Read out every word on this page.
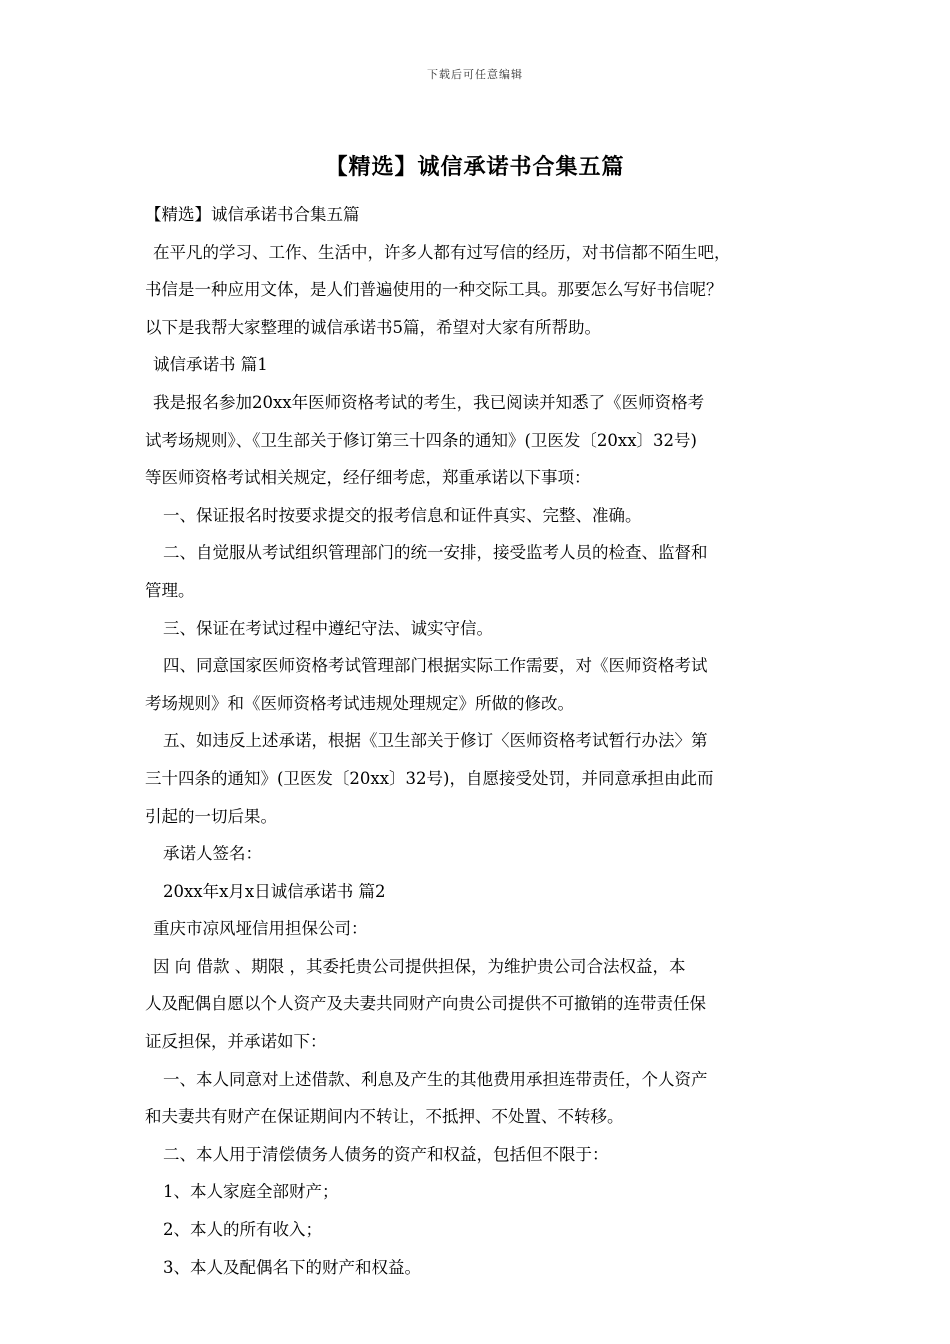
下载后可任意编辑
【精选】诚信承诺书合集五篇
【精选】诚信承诺书合集五篇
在平凡的学习、工作、生活中，许多人都有过写信的经历，对书信都不陌生吧，
书信是一种应用文体，是人们普遍使用的一种交际工具。那要怎么写好书信呢？
以下是我帮大家整理的诚信承诺书5篇，希望对大家有所帮助。
诚信承诺书 篇1
我是报名参加20xx年医师资格考试的考生，我已阅读并知悉了《医师资格考
试考场规则》、《卫生部关于修订第三十四条的通知》(卫医发〔20xx〕32号)
等医师资格考试相关规定，经仔细考虑，郑重承诺以下事项：
一、保证报名时按要求提交的报考信息和证件真实、完整、准确。
二、自觉服从考试组织管理部门的统一安排，接受监考人员的检查、监督和
管理。
三、保证在考试过程中遵纪守法、诚实守信。
四、同意国家医师资格考试管理部门根据实际工作需要，对《医师资格考试
考场规则》和《医师资格考试违规处理规定》所做的修改。
五、如违反上述承诺，根据《卫生部关于修订〈医师资格考试暂行办法〉第
三十四条的通知》(卫医发〔20xx〕32号)，自愿接受处罚，并同意承担由此而
引起的一切后果。
承诺人签名：
20xx年x月x日诚信承诺书 篇2
重庆市凉风垭信用担保公司：
因 向 借款 、期限 ，其委托贵公司提供担保，为维护贵公司合法权益，本
人及配偶自愿以个人资产及夫妻共同财产向贵公司提供不可撤销的连带责任保
证反担保，并承诺如下：
一、本人同意对上述借款、利息及产生的其他费用承担连带责任，个人资产
和夫妻共有财产在保证期间内不转让，不抵押、不处置、不转移。
二、本人用于清偿债务人债务的资产和权益，包括但不限于：
1、本人家庭全部财产；
2、本人的所有收入；
3、本人及配偶名下的财产和权益。
